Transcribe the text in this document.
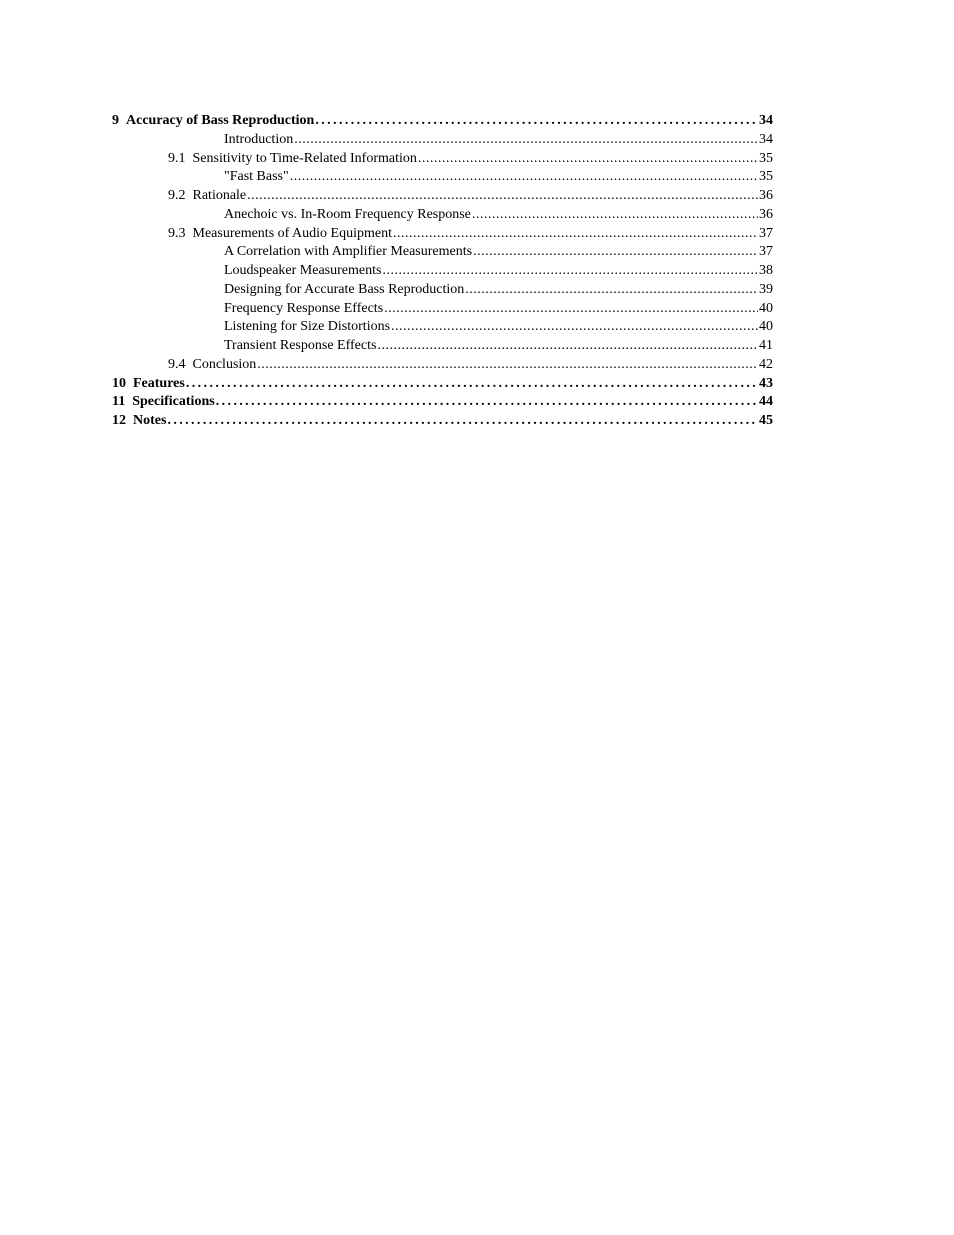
9 Accuracy of Bass Reproduction .....	34
Introduction .....	34
9.1 Sensitivity to Time-Related Information .....	35
"Fast Bass" .....	35
9.2 Rationale .....	36
Anechoic vs. In-Room Frequency Response .....	36
9.3 Measurements of Audio Equipment .....	37
A Correlation with Amplifier Measurements .....	37
Loudspeaker Measurements .....	38
Designing for Accurate Bass Reproduction .....	39
Frequency Response Effects .....	40
Listening for Size Distortions .....	40
Transient Response Effects .....	41
9.4 Conclusion .....	42
10 Features .....	43
11 Specifications .....	44
12 Notes .....	45
